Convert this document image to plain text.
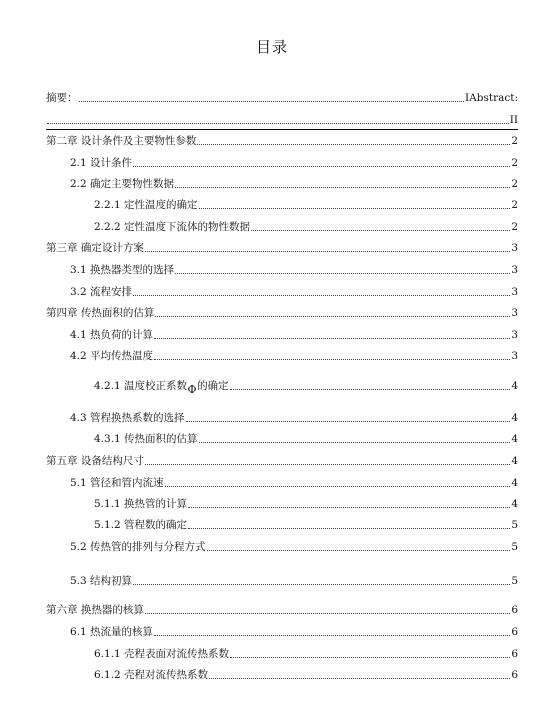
目录
摘要：	IAbstract:
II
第二章 设计条件及主要物性参数	2
2.1 设计条件	2
2.2 确定主要物性数据	2
2.2.1 定性温度的确定	2
2.2.2 定性温度下流体的物性数据	2
第三章 确定设计方案	3
3.1 换热器类型的选择	3
3.2 流程安排	3
第四章 传热面积的估算	3
4.1 热负荷的计算	3
4.2 平均传热温度	3
4.2.1 温度校正系数 Φ 的确定	4
4.3 管程换热系数的选择	4
4.3.1 传热面积的估算	4
第五章 设备结构尺寸	4
5.1 管径和管内流速	4
5.1.1 换热管的计算	4
5.1.2 管程数的确定	5
5.2 传热管的排列与分程方式	5
5.3 结构初算	5
第六章 换热器的核算	6
6.1 热流量的核算	6
6.1.1 壳程表面对流传热系数	6
6.1.2 壳程对流传热系数	6
